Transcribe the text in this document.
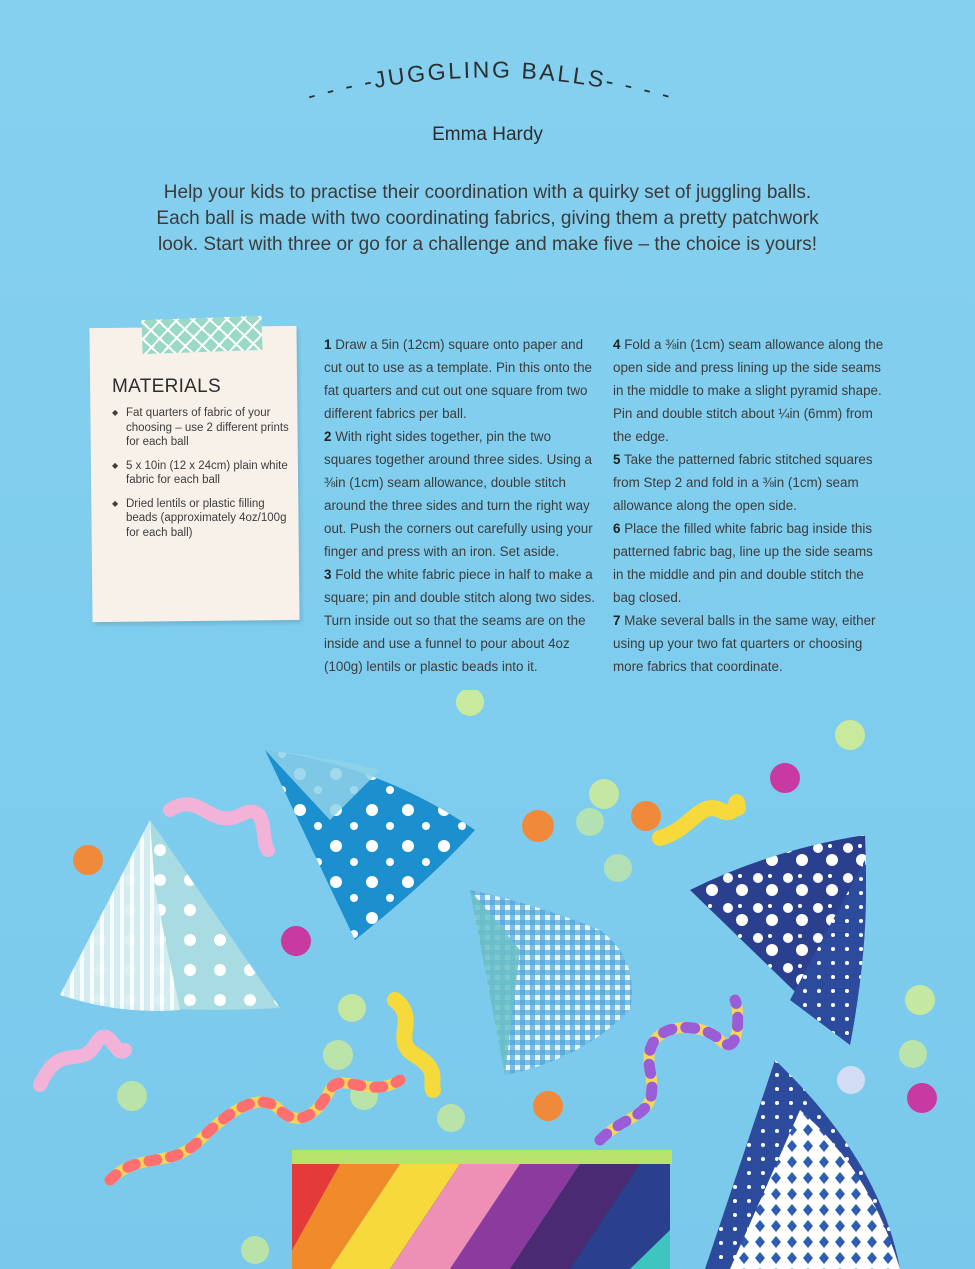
- - - -JUGGLING BALLS- - - -
Emma Hardy
Help your kids to practise their coordination with a quirky set of juggling balls. Each ball is made with two coordinating fabrics, giving them a pretty patchwork look. Start with three or go for a challenge and make five – the choice is yours!
MATERIALS
◆ Fat quarters of fabric of your choosing – use 2 different prints for each ball
◆ 5 x 10in (12 x 24cm) plain white fabric for each ball
◆ Dried lentils or plastic filling beads (approximately 4oz/100g for each ball)

1 Draw a 5in (12cm) square onto paper and cut out to use as a template. Pin this onto the fat quarters and cut out one square from two different fabrics per ball.

2 With right sides together, pin the two squares together around three sides. Using a ⅜in (1cm) seam allowance, double stitch around the three sides and turn the right way out. Push the corners out carefully using your finger and press with an iron. Set aside.

3 Fold the white fabric piece in half to make a square; pin and double stitch along two sides. Turn inside out so that the seams are on the inside and use a funnel to pour about 4oz (100g) lentils or plastic beads into it.

4 Fold a ⅜in (1cm) seam allowance along the open side and press lining up the side seams in the middle to make a slight pyramid shape. Pin and double stitch about ¼in (6mm) from the edge.

5 Take the patterned fabric stitched squares from Step 2 and fold in a ⅜in (1cm) seam allowance along the open side.

6 Place the filled white fabric bag inside this patterned fabric bag, line up the side seams in the middle and pin and double stitch the bag closed.

7 Make several balls in the same way, either using up your two fat quarters or choosing more fabrics that coordinate.
